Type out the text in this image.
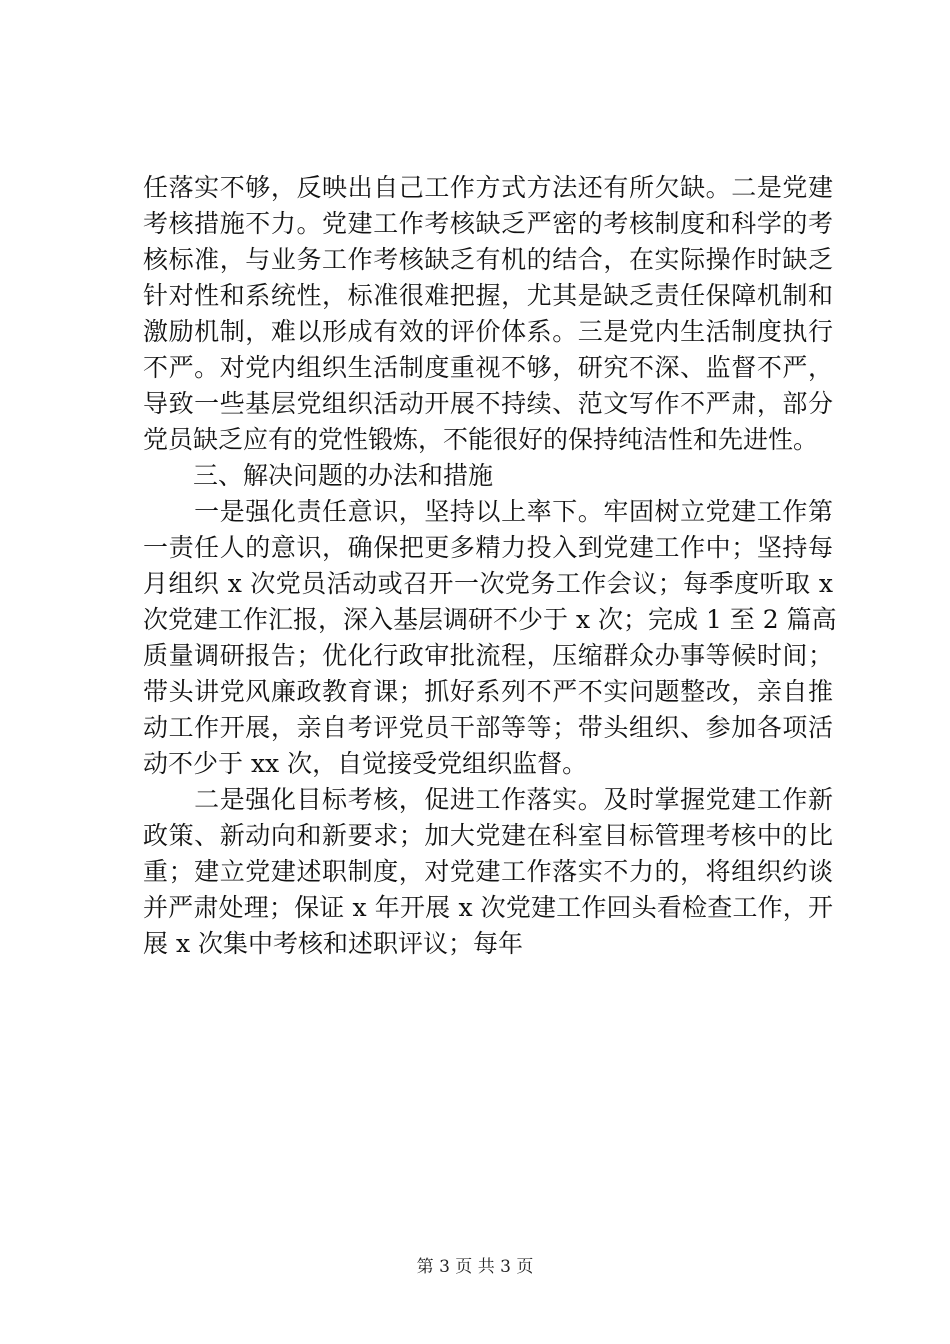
任落实不够，反映出自己工作方式方法还有所欠缺。二是党建
考核措施不力。党建工作考核缺乏严密的考核制度和科学的考
核标准，与业务工作考核缺乏有机的结合，在实际操作时缺乏
针对性和系统性，标准很难把握，尤其是缺乏责任保障机制和
激励机制，难以形成有效的评价体系。三是党内生活制度执行
不严。对党内组织生活制度重视不够，研究不深、监督不严，
导致一些基层党组织活动开展不持续、范文写作不严肃，部分
党员缺乏应有的党性锻炼，不能很好的保持纯洁性和先进性。
　　三、解决问题的办法和措施
　　一是强化责任意识，坚持以上率下。牢固树立党建工作第
一责任人的意识，确保把更多精力投入到党建工作中；坚持每
月组织 x 次党员活动或召开一次党务工作会议；每季度听取 x
次党建工作汇报，深入基层调研不少于 x 次；完成 1 至 2 篇高
质量调研报告；优化行政审批流程，压缩群众办事等候时间；
带头讲党风廉政教育课；抓好系列不严不实问题整改，亲自推
动工作开展，亲自考评党员干部等等；带头组织、参加各项活
动不少于 xx 次，自觉接受党组织监督。
　　二是强化目标考核，促进工作落实。及时掌握党建工作新
政策、新动向和新要求；加大党建在科室目标管理考核中的比
重；建立党建述职制度，对党建工作落实不力的，将组织约谈
并严肃处理；保证 x 年开展 x 次党建工作回头看检查工作，开
展 x 次集中考核和述职评议；每年
第 3 页 共 3 页
